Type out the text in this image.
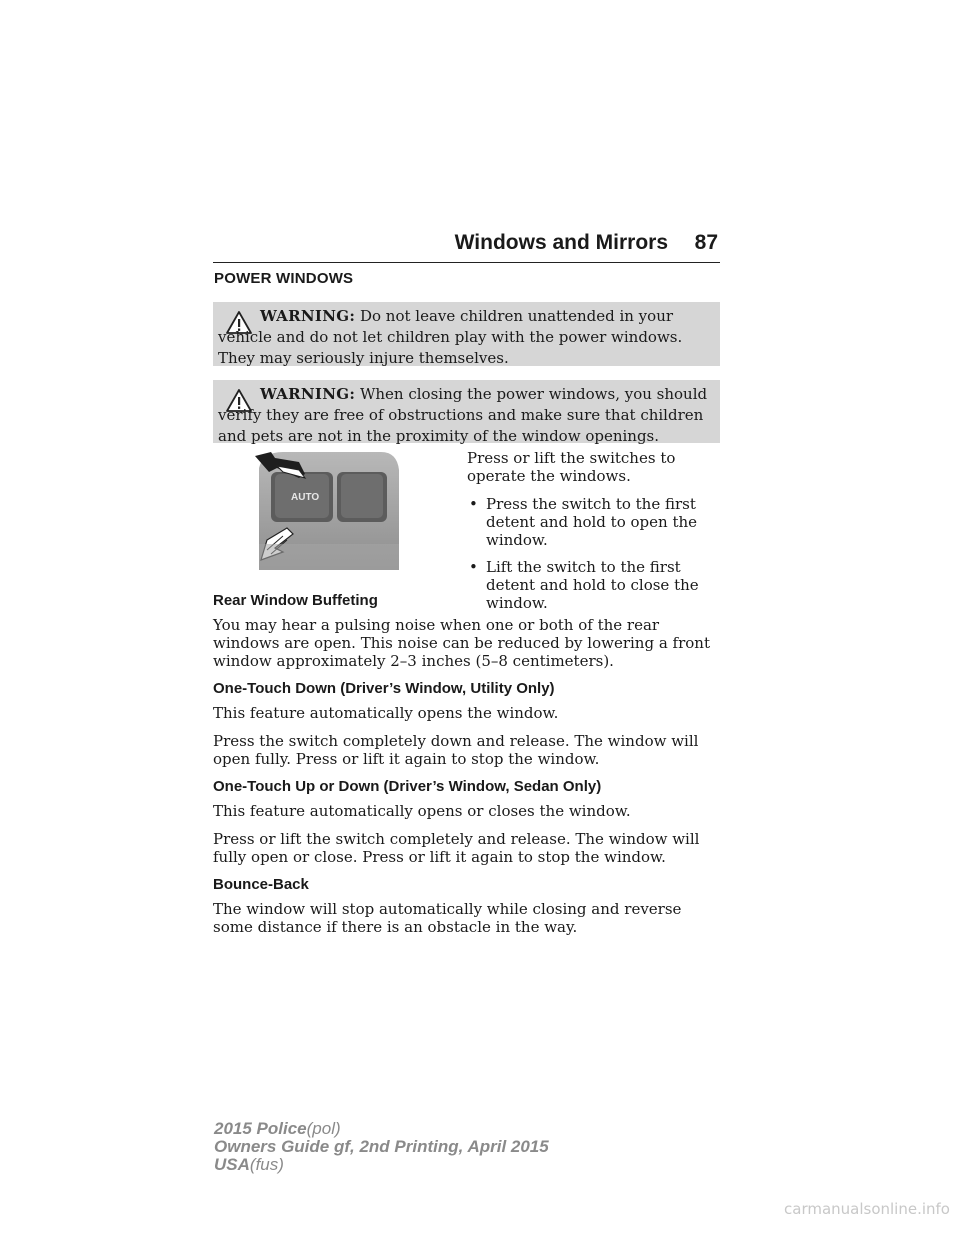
Windows and Mirrors 87
POWER WINDOWS
WARNING: Do not leave children unattended in your vehicle and do not let children play with the power windows. They may seriously injure themselves.
WARNING: When closing the power windows, you should verify they are free of obstructions and make sure that children and pets are not in the proximity of the window openings.
AUTO

Press or lift the switches to operate the windows.

• Press the switch to the first detent and hold to open the window.
• Lift the switch to the first detent and hold to close the window.
Rear Window Buffeting

You may hear a pulsing noise when one or both of the rear windows are open. This noise can be reduced by lowering a front window approximately 2–3 inches (5–8 centimeters).

One-Touch Down (Driver’s Window, Utility Only)

This feature automatically opens the window.

Press the switch completely down and release. The window will open fully. Press or lift it again to stop the window.

One-Touch Up or Down (Driver’s Window, Sedan Only)

This feature automatically opens or closes the window.

Press or lift the switch completely and release. The window will fully open or close. Press or lift it again to stop the window.

Bounce-Back

The window will stop automatically while closing and reverse some distance if there is an obstacle in the way.

2015 Police(pol)
Owners Guide gf, 2nd Printing, April 2015
USA(fus)
carmanualsonline.info
